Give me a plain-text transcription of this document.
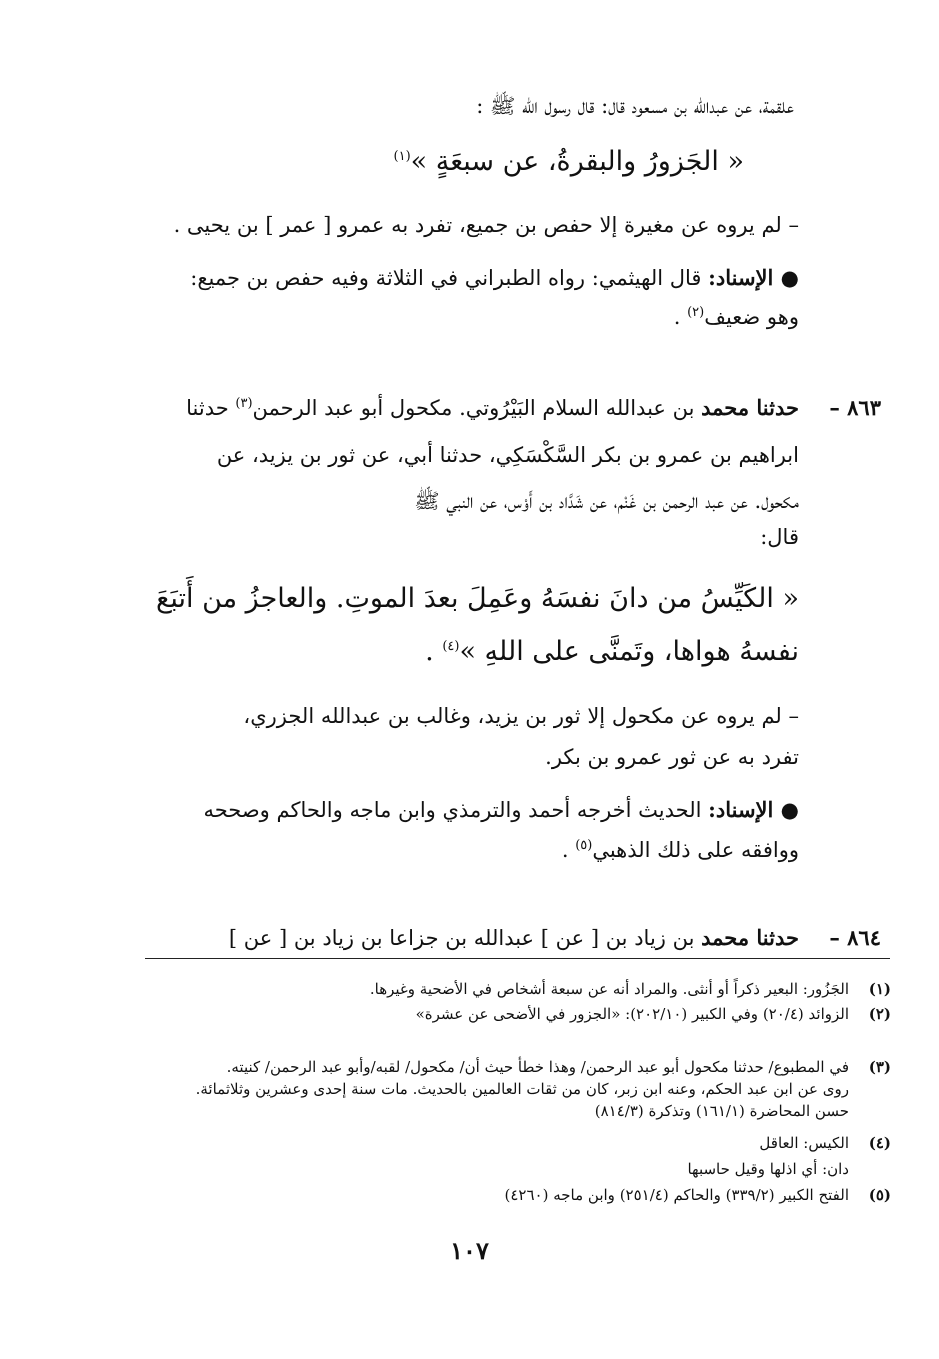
علقمة، عن عبدالله بن مسعود قال: قال رسول الله ﷺ :
« الجَزورُ والبقرةُ، عن سبعَةٍ »$^{(١)}$
– لم يروه عن مغيرة إلا حفص بن جميع، تفرد به عمرو [ عمر ] بن يحيى .
● الإسناد: قال الهيثمي: رواه الطبراني في الثلاثة وفيه حفص بن جميع:
وهو ضعيف$^{(٢)}$ .
٨٦٣ –
حدثنا محمد بن عبدالله السلام البَيْرُوتي. مكحول أبو عبد الرحمن$^{(٣)}$ حدثنا
ابراهيم بن عمرو بن بكر السَّكْسَكِي، حدثنا أبي، عن ثور بن يزيد، عن
مكحول. عن عبد الرحمن بن غَنْم، عن شَدَّاد بن أَوْس، عن النبي ﷺ
قال:
« الكَيِّسُ من دانَ نفسَهُ وعَمِلَ بعدَ الموتِ. والعاجزُ من أَتبَعَ
نفسهُ هواها، وتَمنَّى على اللهِ »$^{(٤)}$ .
– لم يروه عن مكحول إلا ثور بن يزيد، وغالب بن عبدالله الجزري،
تفرد به عن ثور عمرو بن بكر.
● الإسناد: الحديث أخرجه أحمد والترمذي وابن ماجه والحاكم وصححه
ووافقه على ذلك الذهبي$^{(٥)}$ .
٨٦٤ –
حدثنا محمد بن زياد بن [ عن ] عبدالله بن جزاعا بن زياد بن [ عن ]
(١)
الجَزُور: البعير ذكراً أو أنثى. والمراد أنه عن سبعة أشخاص في الأضحية وغيرها.
(٢)
الزوائد (٢٠/٤) وفي الكبير (٢٠٢/١٠): «الجزور في الأضحى عن عشرة»
(٣)
في المطبوع/ حدثنا مكحول أبو عبد الرحمن/ وهذا خطأ حيث أن/ مكحول/ لقبه/وأبو عبد الرحمن/ كنيته.
روى عن ابن عبد الحكم، وعنه ابن زبر، كان من ثقات العالمين بالحديث. مات سنة إحدى وعشرين وثلاثمائة.
حسن المحاضرة (١٦١/١) وتذكرة (٨١٤/٣)
(٤)
الكيس: العاقل
دان: أي اذلها وقيل حاسبها
(٥)
الفتح الكبير (٣٣٩/٢) والحاكم (٢٥١/٤) وابن ماجه (٤٢٦٠)
١٠٧
